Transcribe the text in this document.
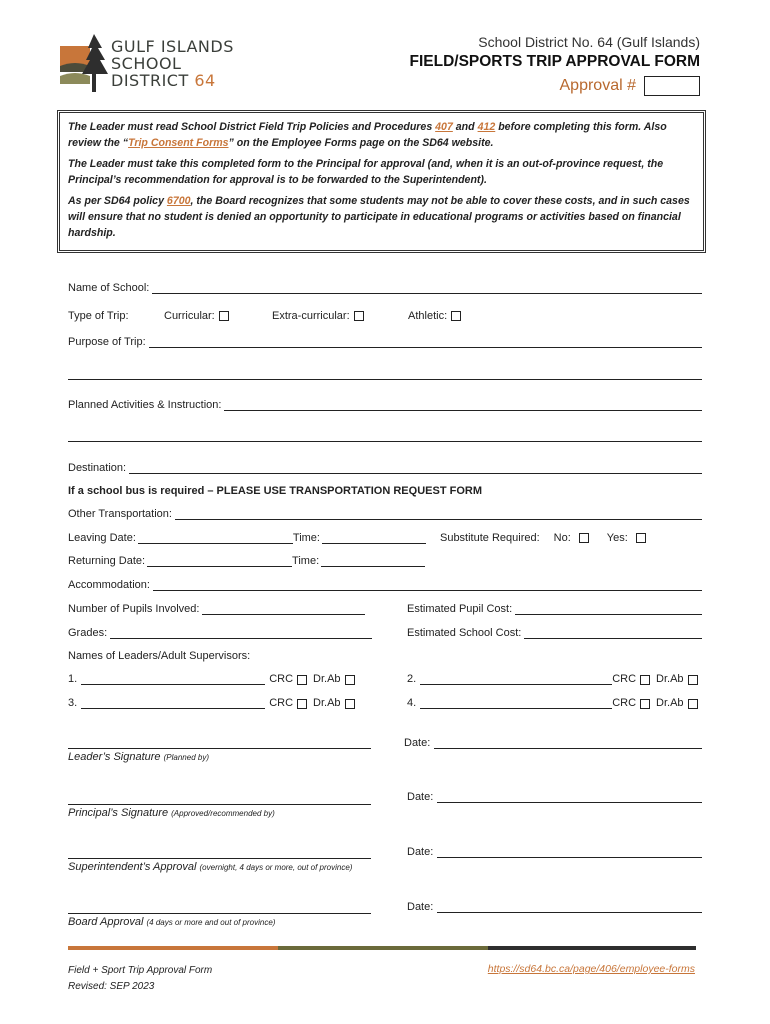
GULF ISLANDS
SCHOOL
DISTRICT 64
School District No. 64 (Gulf Islands)
FIELD/SPORTS TRIP APPROVAL FORM
Approval #

The Leader must read School District Field Trip Policies and Procedures 407 and 412 before completing this form. Also review the “Trip Consent Forms” on the Employee Forms page on the SD64 website.

The Leader must take this completed form to the Principal for approval (and, when it is an out-of-province request, the Principal’s recommendation for approval is to be forwarded to the Superintendent).

As per SD64 policy 6700, the Board recognizes that some students may not be able to cover these costs, and in such cases will ensure that no student is denied an opportunity to participate in educational programs or activities based on financial hardship.

Name of School:
Type of Trip:	Curricular:	Extra-curricular:	Athletic:
Purpose of Trip:
Planned Activities & Instruction:
Destination:
If a school bus is required – PLEASE USE TRANSPORTATION REQUEST FORM
Other Transportation:
Leaving Date:	Time:	Substitute Required: No:	Yes:
Returning Date:	Time:
Accommodation:
Number of Pupils Involved:	Estimated Pupil Cost:
Grades:	Estimated School Cost:
Names of Leaders/Adult Supervisors:
1.	CRC Dr.Ab	2.	CRC Dr.Ab
3.	CRC Dr.Ab	4.	CRC Dr.Ab
Leader’s Signature (Planned by)
Date:
Principal’s Signature (Approved/recommended by)
Date:
Superintendent’s Approval (overnight, 4 days or more, out of province)
Date:
Board Approval (4 days or more and out of province)
Date:
Field + Sport Trip Approval Form
Revised: SEP 2023
https://sd64.bc.ca/page/406/employee-forms
